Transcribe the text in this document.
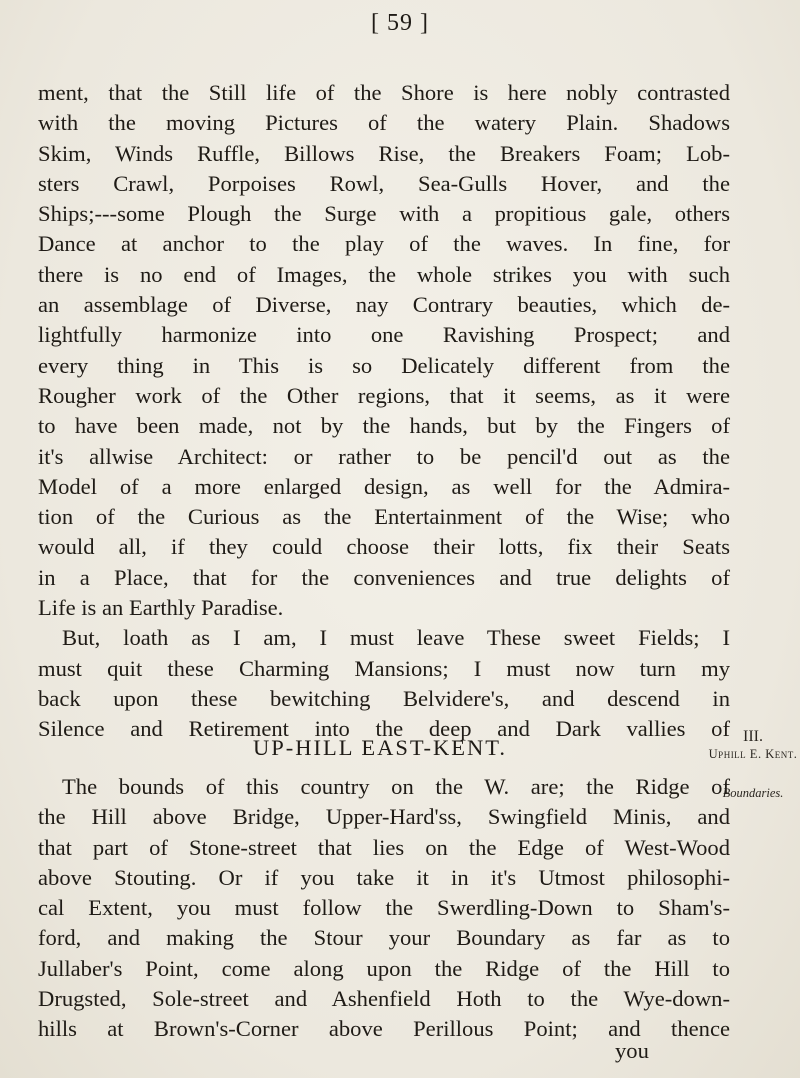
[ 59 ]
ment, that the Still life of the Shore is here nobly contrasted
with the moving Pictures of the watery Plain. Shadows
Skim, Winds Ruffle, Billows Rise, the Breakers Foam; Lob-
sters Crawl, Porpoises Rowl, Sea-Gulls Hover, and the
Ships;---some Plough the Surge with a propitious gale, others
Dance at anchor to the play of the waves. In fine, for
there is no end of Images, the whole strikes you with such
an assemblage of Diverse, nay Contrary beauties, which de-
lightfully harmonize into one Ravishing Prospect; and
every thing in This is so Delicately different from the
Rougher work of the Other regions, that it seems, as it were
to have been made, not by the hands, but by the Fingers of
it's allwise Architect: or rather to be pencil'd out as the
Model of a more enlarged design, as well for the Admira-
tion of the Curious as the Entertainment of the Wise; who
would all, if they could choose their lotts, fix their Seats
in a Place, that for the conveniences and true delights of
Life is an Earthly Paradise.
But, loath as I am, I must leave These sweet Fields; I
must quit these Charming Mansions; I must now turn my
back upon these bewitching Belvidere's, and descend in
Silence and Retirement into the deep and Dark vallies of
UP-HILL EAST-KENT.	III.
Uphill E. Kent.
Boundaries.
The bounds of this country on the W. are; the Ridge of
the Hill above Bridge, Upper-Hard'ss, Swingfield Minis, and
that part of Stone-street that lies on the Edge of West-Wood
above Stouting. Or if you take it in it's Utmost philosophi-
cal Extent, you must follow the Swerdling-Down to Sham's-
ford, and making the Stour your Boundary as far as to
Jullaber's Point, come along upon the Ridge of the Hill to
Drugsted, Sole-street and Ashenfield Hoth to the Wye-down-
hills at Brown's-Corner above Perillous Point; and thence
you
